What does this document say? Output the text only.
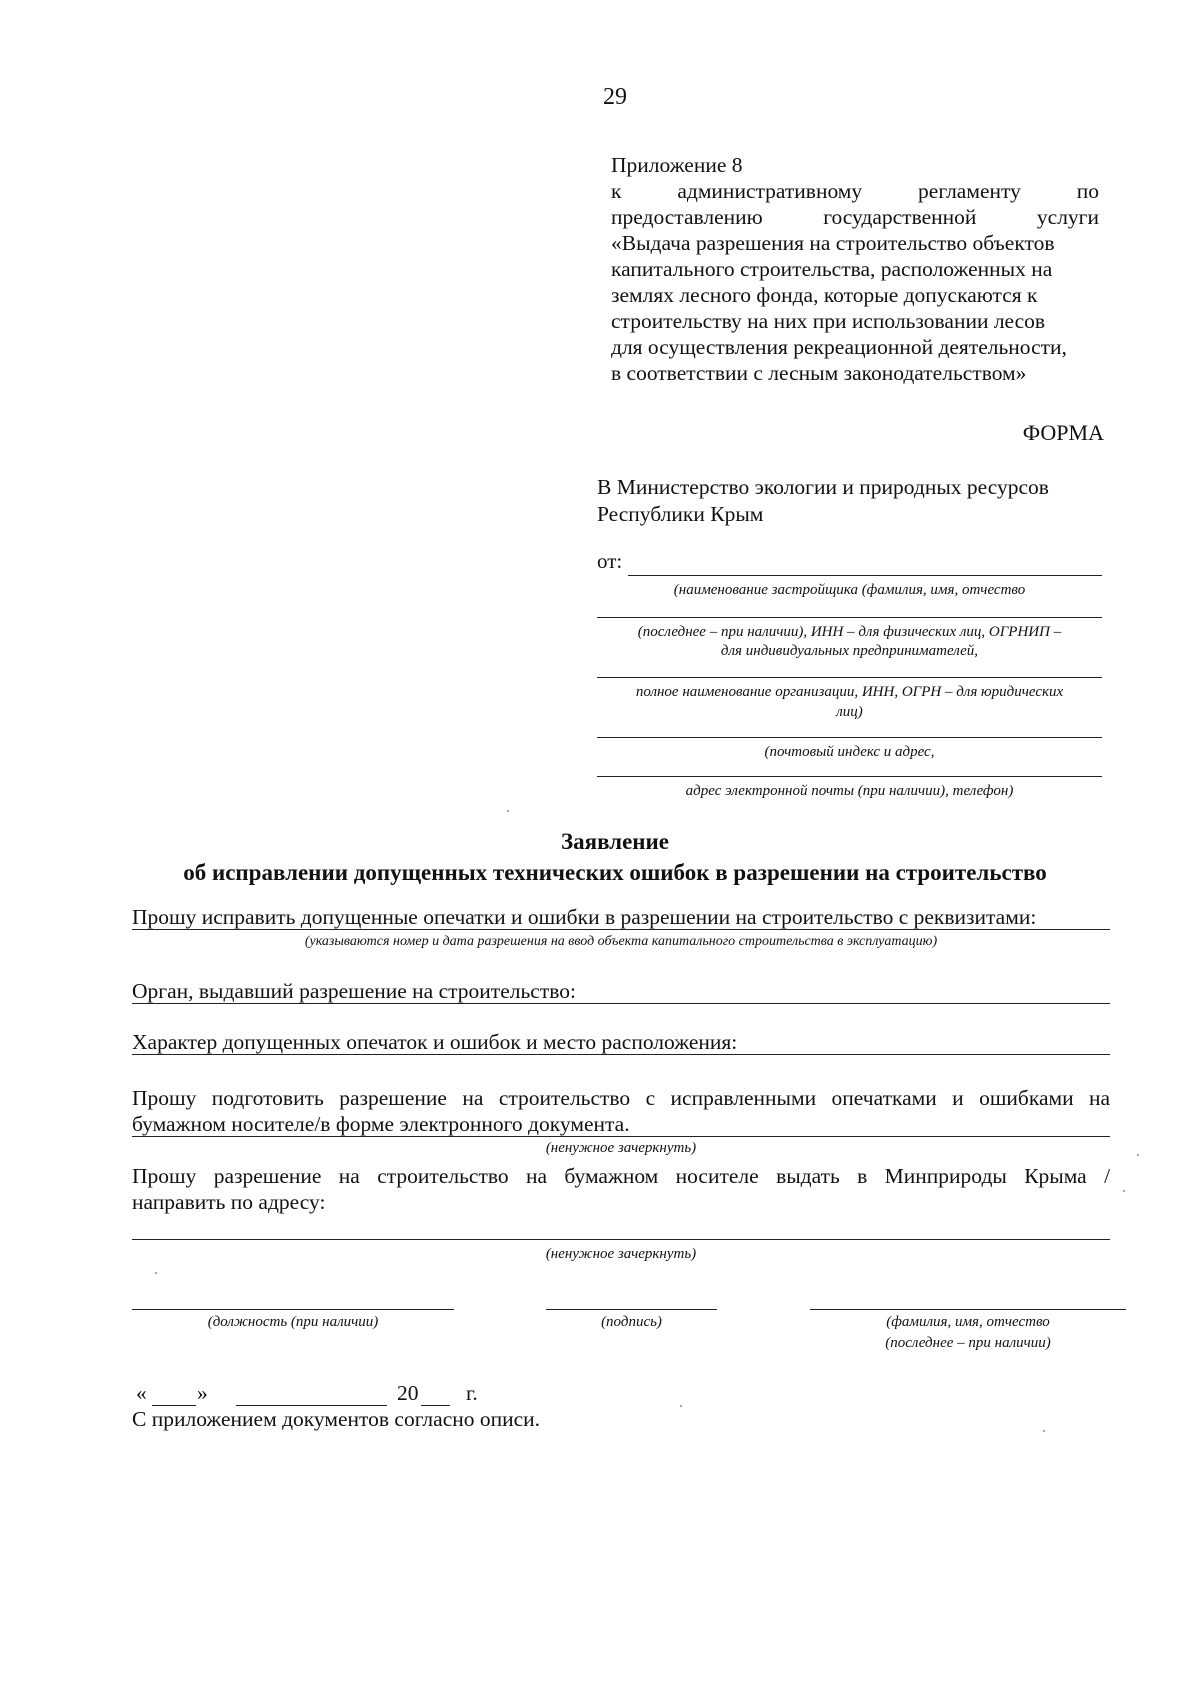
29
Приложение 8
к	административному	регламенту	по
предоставлению	государственной	услуги
«Выдача разрешения на строительство объектов
капитального строительства, расположенных на
землях лесного фонда, которые допускаются к
строительству на них при использовании лесов
для осуществления рекреационной деятельности,
в соответствии с лесным законодательством»
ФОРМА
В Министерство экологии и природных ресурсов
Республики Крым
от:
(наименование застройщика (фамилия, имя, отчество
(последнее – при наличии), ИНН – для физических лиц, ОГРНИП –
для индивидуальных предпринимателей,
полное наименование организации, ИНН, ОГРН – для юридических
лиц)
(почтовый индекс и адрес,
адрес электронной почты (при наличии), телефон)
Заявление
об исправлении допущенных технических ошибок в разрешении на строительство
Прошу исправить допущенные опечатки и ошибки в разрешении на строительство с реквизитами:
(указываются номер и дата разрешения на ввод объекта капитального строительства в эксплуатацию)
Орган, выдавший разрешение на строительство:
Характер допущенных опечаток и ошибок и место расположения:
Прошу подготовить разрешение на строительство с исправленными опечатками и ошибками на
бумажном носителе/в форме электронного документа.
(ненужное зачеркнуть)
Прошу разрешение на строительство на бумажном носителе выдать в Минприроды Крыма /
направить по адресу:
(ненужное зачеркнуть)
(должность (при наличии)	(подпись)	(фамилия, имя, отчество
(последнее – при наличии)
« »	20 г.
С приложением документов согласно описи.
